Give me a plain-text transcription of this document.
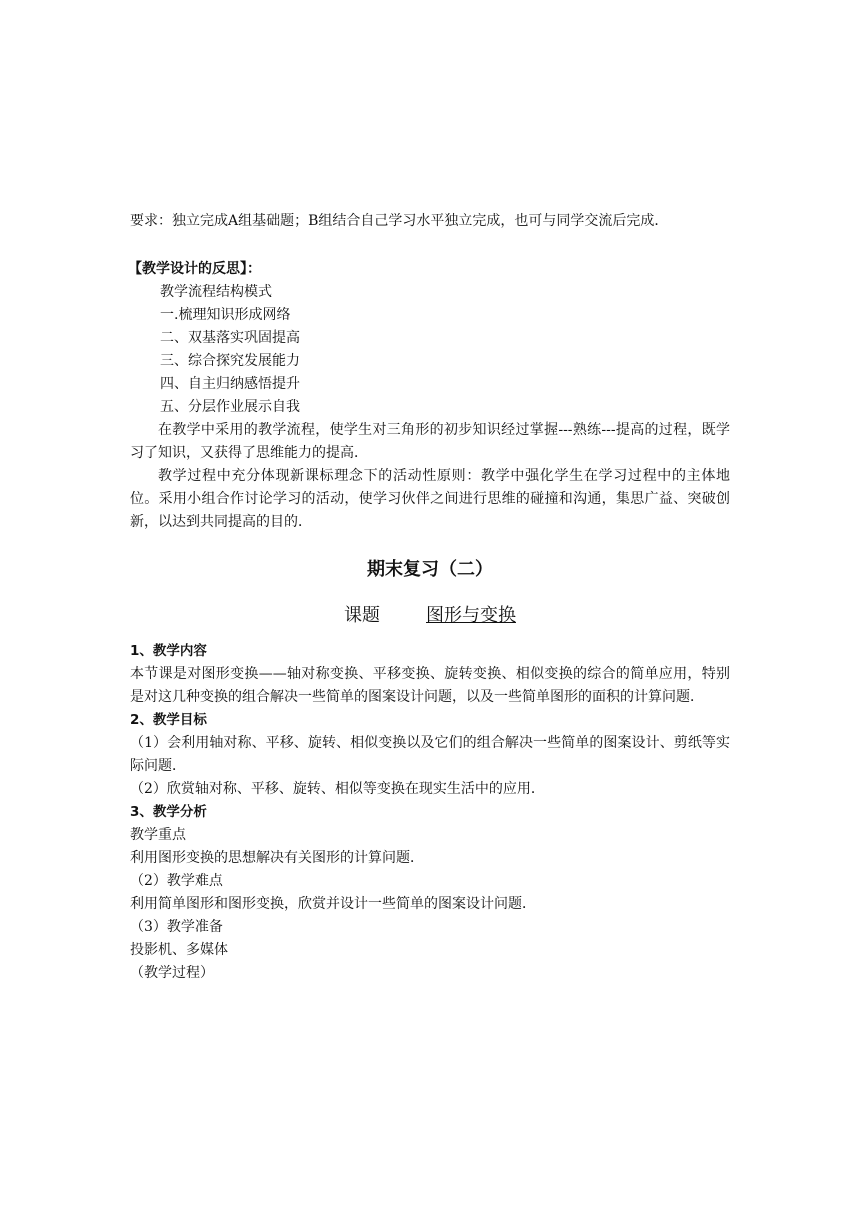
要求：独立完成A组基础题；B组结合自己学习水平独立完成，也可与同学交流后完成．
【教学设计的反思】：
教学流程结构模式
一.梳理知识形成网络
二、双基落实巩固提高
三、综合探究发展能力
四、自主归纳感悟提升
五、分层作业展示自我
在教学中采用的教学流程，使学生对三角形的初步知识经过掌握---熟练---提高的过程，既学习了知识，又获得了思维能力的提高．
教学过程中充分体现新课标理念下的活动性原则：教学中强化学生在学习过程中的主体地位。采用小组合作讨论学习的活动，使学习伙伴之间进行思维的碰撞和沟通，集思广益、突破创新，以达到共同提高的目的．
期末复习（二）
课题	图形与变换
1、教学内容
本节课是对图形变换——轴对称变换、平移变换、旋转变换、相似变换的综合的简单应用，特别是对这几种变换的组合解决一些简单的图案设计问题，以及一些简单图形的面积的计算问题．
2、教学目标
（1）会利用轴对称、平移、旋转、相似变换以及它们的组合解决一些简单的图案设计、剪纸等实际问题．
（2）欣赏轴对称、平移、旋转、相似等变换在现实生活中的应用．
3、教学分析
教学重点
利用图形变换的思想解决有关图形的计算问题．
（2）教学难点
利用简单图形和图形变换，欣赏并设计一些简单的图案设计问题．
（3）教学准备
投影机、多媒体
（教学过程）
